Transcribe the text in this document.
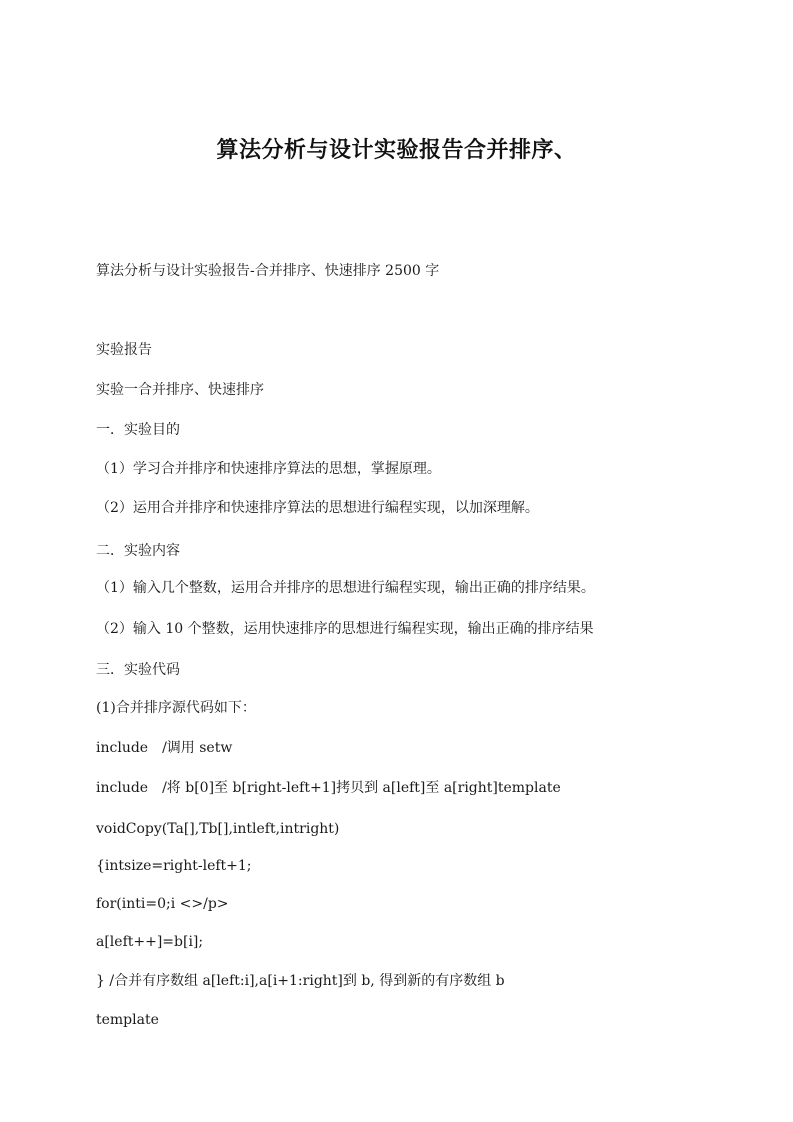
算法分析与设计实验报告合并排序、
算法分析与设计实验报告-合并排序、快速排序 2500 字
实验报告
实验一合并排序、快速排序
一．实验目的
（1）学习合并排序和快速排序算法的思想，掌握原理。
（2）运用合并排序和快速排序算法的思想进行编程实现，以加深理解。
二．实验内容
（1）输入几个整数，运用合并排序的思想进行编程实现，输出正确的排序结果。
（2）输入 10 个整数，运用快速排序的思想进行编程实现，输出正确的排序结果
三．实验代码
(1)合并排序源代码如下：
include　/调用 setw
include　/将 b[0]至 b[right-left+1]拷贝到 a[left]至 a[right]template
voidCopy(Ta[],Tb[],intleft,intright)
{intsize=right-left+1;
for(inti=0;i <>/p>
a[left++]=b[i];
} /合并有序数组 a[left:i],a[i+1:right]到 b, 得到新的有序数组 b
template
